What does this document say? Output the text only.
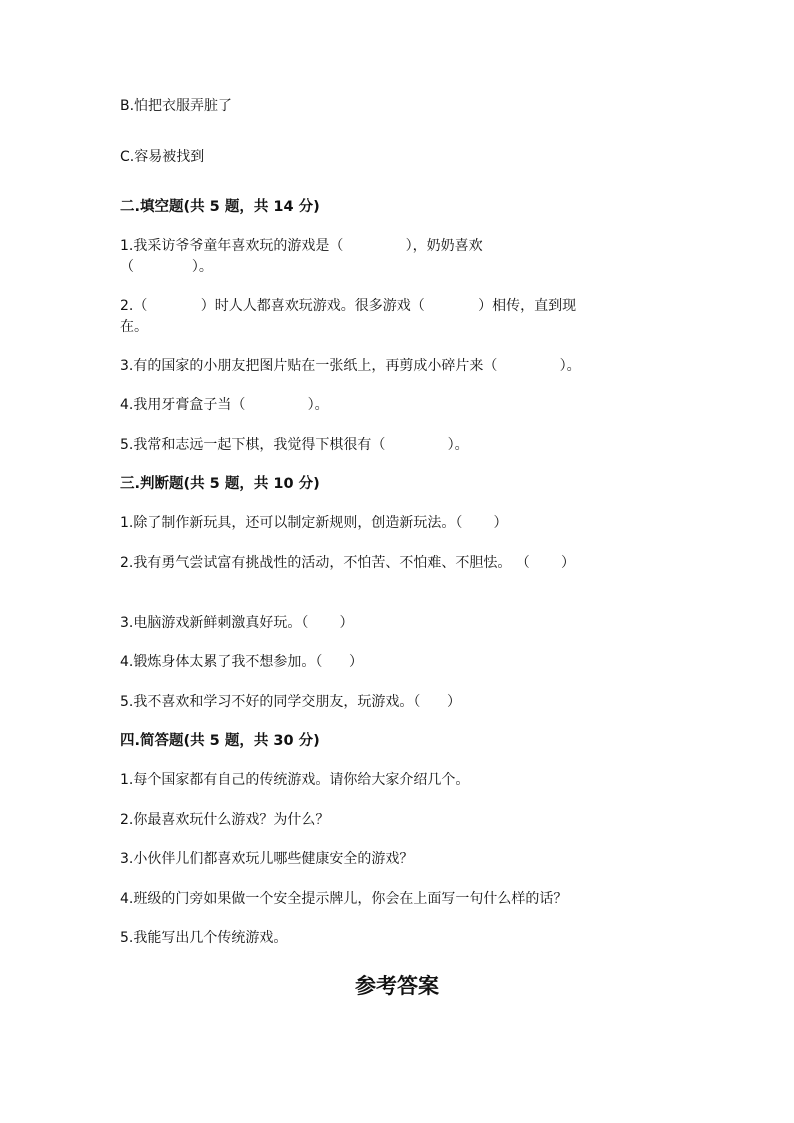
B.怕把衣服弄脏了
C.容易被找到
二.填空题(共 5 题，共 14 分)
1.我采访爷爷童年喜欢玩的游戏是（              ），奶奶喜欢
（             ）。
2.（            ）时人人都喜欢玩游戏。很多游戏（            ）相传，直到现
在。
3.有的国家的小朋友把图片贴在一张纸上，再剪成小碎片来（              ）。
4.我用牙膏盒子当（              ）。
5.我常和志远一起下棋，我觉得下棋很有（              ）。
三.判断题(共 5 题，共 10 分)
1.除了制作新玩具，还可以制定新规则，创造新玩法。（       ）
2.我有勇气尝试富有挑战性的活动，不怕苦、不怕难、不胆怯。 （       ）
3.电脑游戏新鲜刺激真好玩。（       ）
4.锻炼身体太累了我不想参加。（      ）
5.我不喜欢和学习不好的同学交朋友，玩游戏。（      ）
四.简答题(共 5 题，共 30 分)
1.每个国家都有自己的传统游戏。请你给大家介绍几个。
2.你最喜欢玩什么游戏？为什么？
3.小伙伴儿们都喜欢玩儿哪些健康安全的游戏？
4.班级的门旁如果做一个安全提示牌儿，你会在上面写一句什么样的话？
5.我能写出几个传统游戏。
参考答案
